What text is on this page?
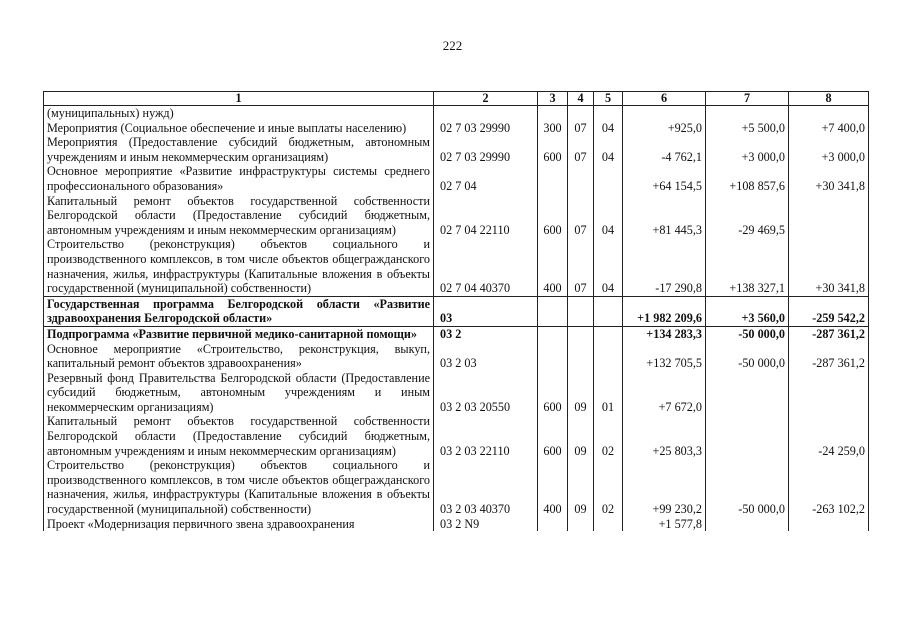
222
1	2	3	4	5	6	7	8
(муниципальных) нужд)							
Мероприятия (Социальное обеспечение и иные выплаты населению)	02 7 03 29990	300	07	04	+925,0	+5 500,0	+7 400,0
Мероприятия (Предоставление субсидий бюджетным, автономным учреждениям и иным некоммерческим организациям)	02 7 03 29990	600	07	04	-4 762,1	+3 000,0	+3 000,0
Основное мероприятие «Развитие инфраструктуры системы среднего профессионального образования»	02 7 04				+64 154,5	+108 857,6	+30 341,8
Капитальный ремонт объектов государственной собственности Белгородской области (Предоставление субсидий бюджетным, автономным учреждениям и иным некоммерческим организациям)	02 7 04 22110	600	07	04	+81 445,3	-29 469,5	
Строительство (реконструкция) объектов социального и производственного комплексов, в том числе объектов общегражданского назначения, жилья, инфраструктуры (Капитальные вложения в объекты государственной (муниципальной) собственности)	02 7 04 40370	400	07	04	-17 290,8	+138 327,1	+30 341,8
Государственная программа Белгородской области «Развитие здравоохранения Белгородской области»	03				+1 982 209,6	+3 560,0	-259 542,2
Подпрограмма «Развитие первичной медико-санитарной помощи»	03 2				+134 283,3	-50 000,0	-287 361,2
Основное мероприятие «Строительство, реконструкция, выкуп, капитальный ремонт объектов здравоохранения»	03 2 03				+132 705,5	-50 000,0	-287 361,2
Резервный фонд Правительства Белгородской области (Предоставление субсидий бюджетным, автономным учреждениям и иным некоммерческим организациям)	03 2 03 20550	600	09	01	+7 672,0		
Капитальный ремонт объектов государственной собственности Белгородской области (Предоставление субсидий бюджетным, автономным учреждениям и иным некоммерческим организациям)	03 2 03 22110	600	09	02	+25 803,3		-24 259,0
Строительство (реконструкция) объектов социального и производственного комплексов, в том числе объектов общегражданского назначения, жилья, инфраструктуры (Капитальные вложения в объекты государственной (муниципальной) собственности)	03 2 03 40370	400	09	02	+99 230,2	-50 000,0	-263 102,2
Проект «Модернизация первичного звена здравоохранения	03 2 N9				+1 577,8		
